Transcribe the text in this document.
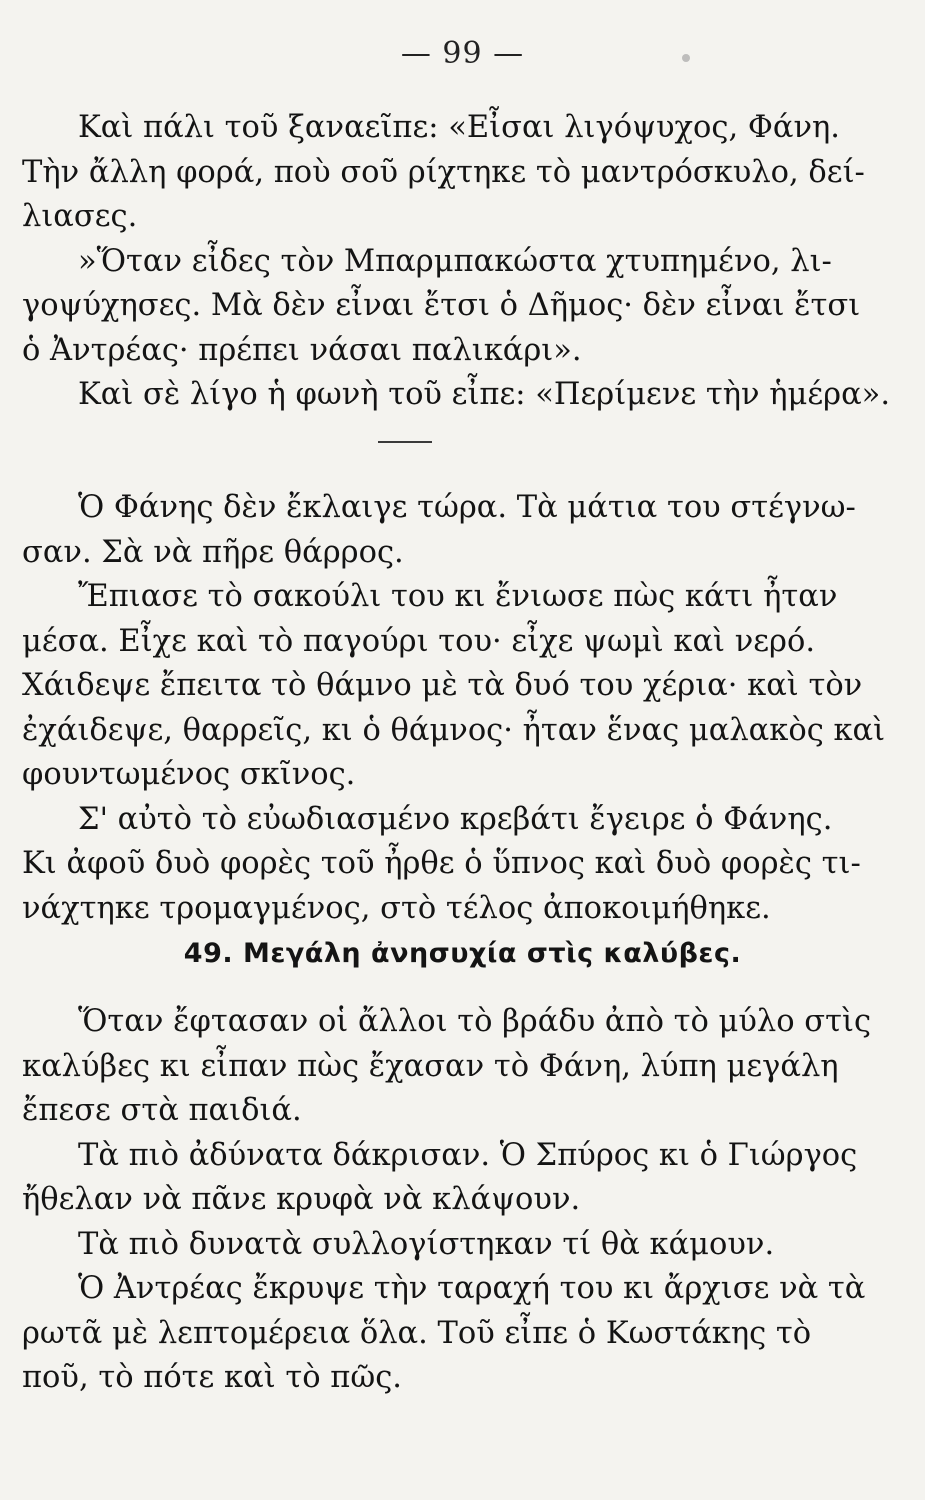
— 99 —
Καὶ πάλι τοῦ ξαναεῖπε: «Εἶσαι λιγόψυχος, Φάνη.
Τὴν ἄλλη φορά, ποὺ σοῦ ρίχτηκε τὸ μαντρόσκυλο, δεί-
λιασες.
»Ὅταν εἶδες τὸν Μπαρμπακώστα χτυπημένο, λι-
γοψύχησες. Μὰ δὲν εἶναι ἔτσι ὁ Δῆμος· δὲν εἶναι ἔτσι
ὁ Ἀντρέας· πρέπει νάσαι παλικάρι».
Καὶ σὲ λίγο ἡ φωνὴ τοῦ εἶπε: «Περίμενε τὴν ἡμέρα».
Ὁ Φάνης δὲν ἔκλαιγε τώρα. Τὰ μάτια του στέγνω-
σαν. Σὰ νὰ πῆρε θάρρος.
Ἔπιασε τὸ σακούλι του κι ἔνιωσε πὼς κάτι ἦταν
μέσα. Εἶχε καὶ τὸ παγούρι του· εἶχε ψωμὶ καὶ νερό.
Χάιδεψε ἔπειτα τὸ θάμνο μὲ τὰ δυό του χέρια· καὶ τὸν
ἐχάιδεψε, θαρρεῖς, κι ὁ θάμνος· ἦταν ἕνας μαλακὸς καὶ
φουντωμένος σκῖνος.
Σ' αὐτὸ τὸ εὐωδιασμένο κρεβάτι ἔγειρε ὁ Φάνης.
Κι ἀφοῦ δυὸ φορὲς τοῦ ἦρθε ὁ ὕπνος καὶ δυὸ φορὲς τι-
νάχτηκε τρομαγμένος, στὸ τέλος ἀποκοιμήθηκε.
49. Μεγάλη ἀνησυχία στὶς καλύβες.
Ὅταν ἔφτασαν οἱ ἄλλοι τὸ βράδυ ἀπὸ τὸ μύλο στὶς
καλύβες κι εἶπαν πὼς ἔχασαν τὸ Φάνη, λύπη μεγάλη
ἔπεσε στὰ παιδιά.
Τὰ πιὸ ἀδύνατα δάκρισαν. Ὁ Σπύρος κι ὁ Γιώργος
ἤθελαν νὰ πᾶνε κρυφὰ νὰ κλάψουν.
Τὰ πιὸ δυνατὰ συλλογίστηκαν τί θὰ κάμουν.
Ὁ Ἀντρέας ἔκρυψε τὴν ταραχή του κι ἄρχισε νὰ τὰ
ρωτᾶ μὲ λεπτομέρεια ὅλα. Τοῦ εἶπε ὁ Κωστάκης τὸ
ποῦ, τὸ πότε καὶ τὸ πῶς.
